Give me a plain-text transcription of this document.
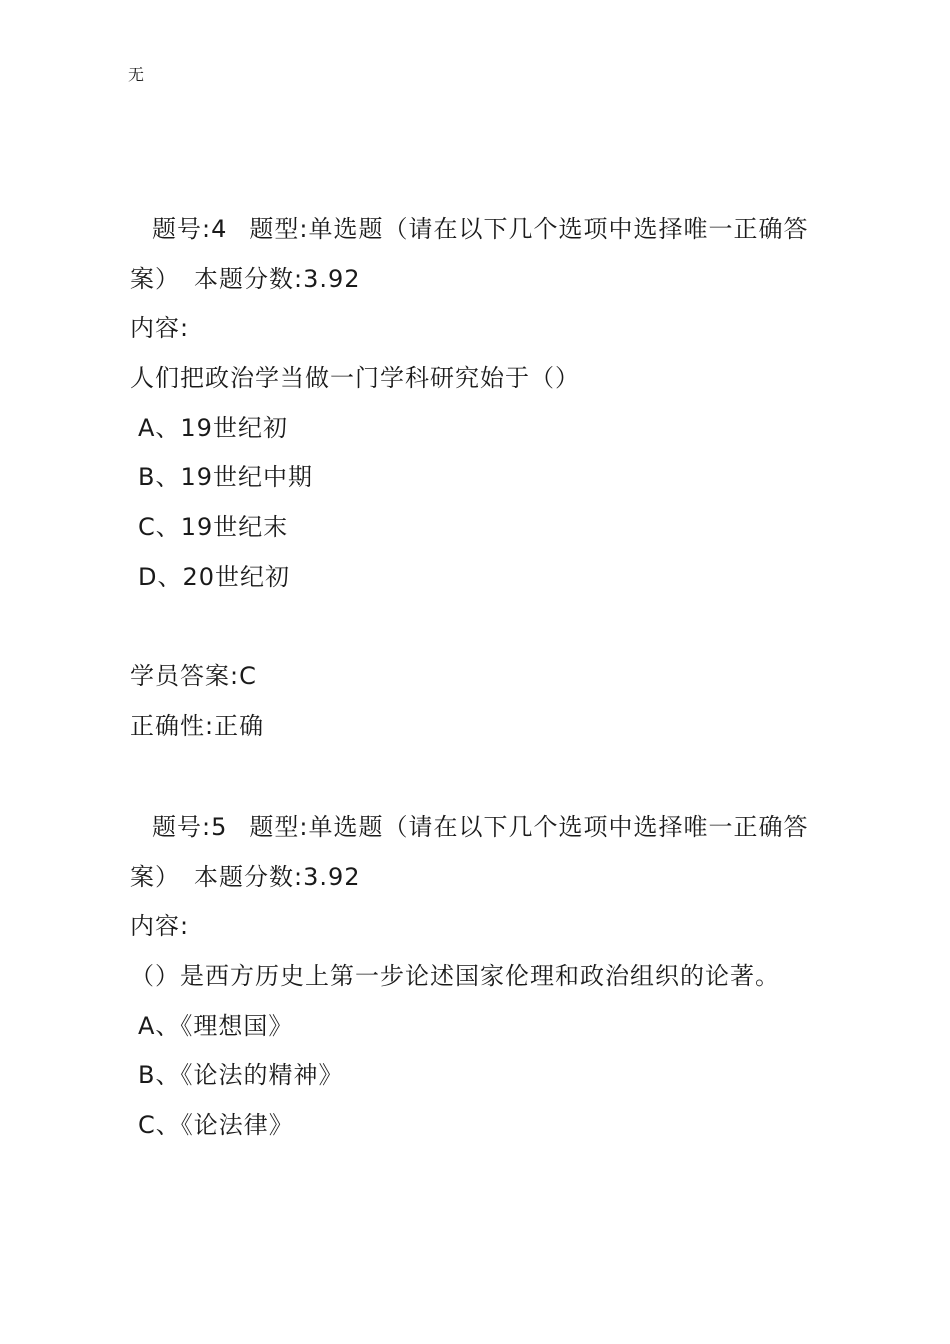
无
题号:4 题型:单选题（请在以下几个选项中选择唯一正确答
案） 本题分数:3.92
内容:
人们把政治学当做一门学科研究始于（）
A、19世纪初
B、19世纪中期
C、19世纪末
D、20世纪初
学员答案:C
正确性:正确
题号:5 题型:单选题（请在以下几个选项中选择唯一正确答
案） 本题分数:3.92
内容:
（）是西方历史上第一步论述国家伦理和政治组织的论著。
A、《理想国》
B、《论法的精神》
C、《论法律》
